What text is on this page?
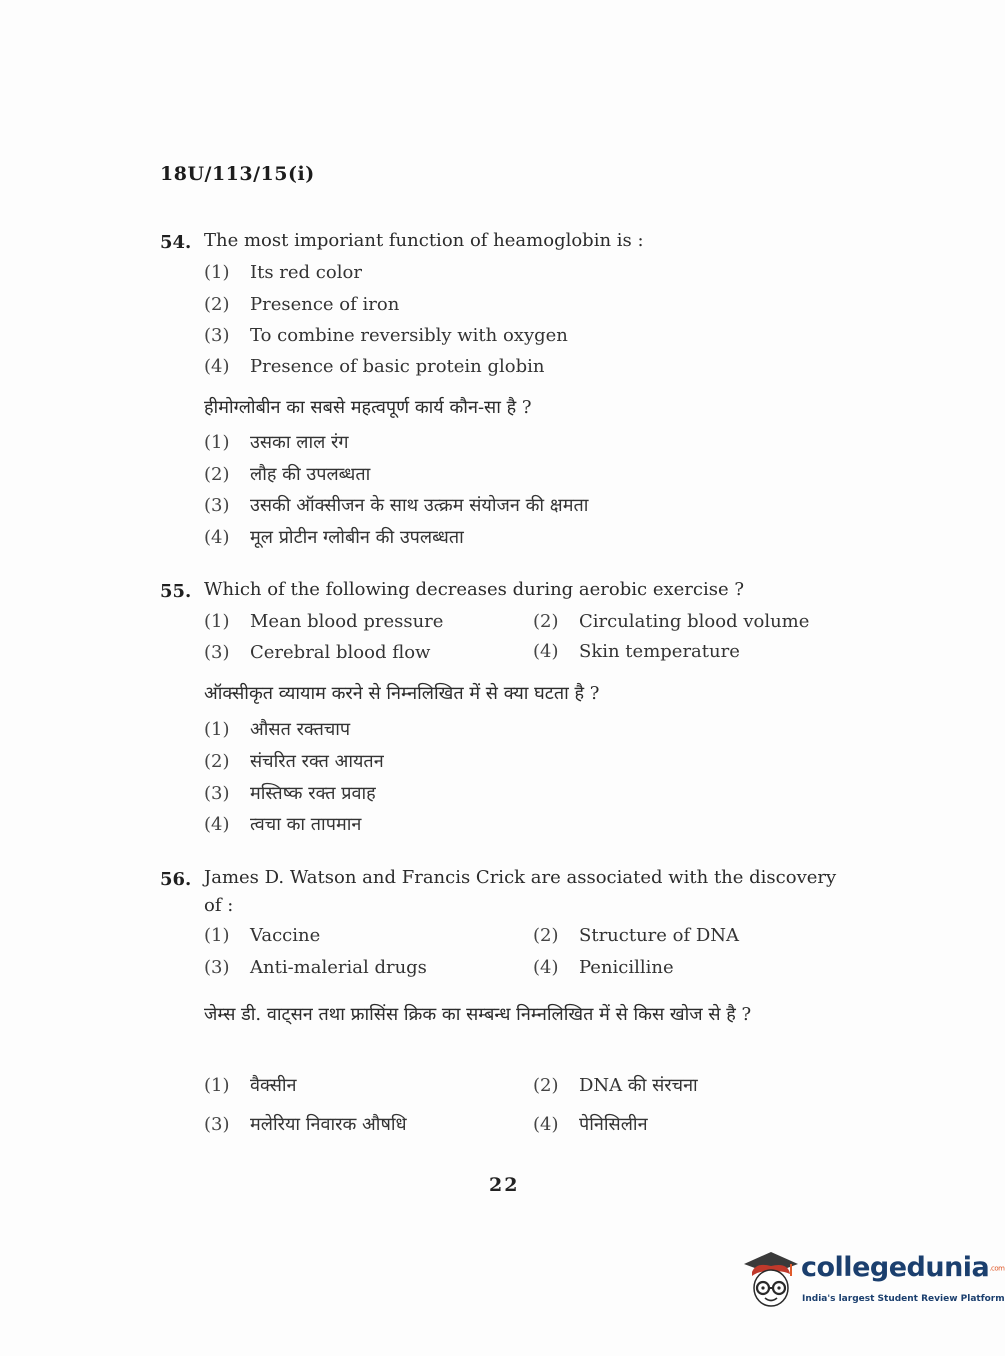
18U/113/15(i)
54. The most imporiant function of heamoglobin is :
(1) Its red color
(2) Presence of iron
(3) To combine reversibly with oxygen
(4) Presence of basic protein globin
हीमोग्लोबीन का सबसे महत्वपूर्ण कार्य कौन-सा है ?
(1) उसका लाल रंग
(2) लौह की उपलब्धता
(3) उसकी ऑक्सीजन के साथ उत्क्रम संयोजन की क्षमता
(4) मूल प्रोटीन ग्लोबीन की उपलब्धता
55. Which of the following decreases during aerobic exercise ?
(1) Mean blood pressure	(2) Circulating blood volume
(3) Cerebral blood flow	(4) Skin temperature
ऑक्सीकृत व्यायाम करने से निम्नलिखित में से क्या घटता है ?
(1) औसत रक्तचाप
(2) संचरित रक्त आयतन
(3) मस्तिष्क रक्त प्रवाह
(4) त्वचा का तापमान
56. James D. Watson and Francis Crick are associated with the discovery of :
(1) Vaccine	(2) Structure of DNA
(3) Anti-malerial drugs	(4) Penicilline
जेम्स डी. वाट्सन तथा फ्रासिंस क्रिक का सम्बन्ध निम्नलिखित में से किस खोज से है ?
(1) वैक्सीन	(2) DNA की संरचना
(3) मलेरिया निवारक औषधि	(4) पेनिसिलीन
22
collegedunia.com
India's largest Student Review Platform
